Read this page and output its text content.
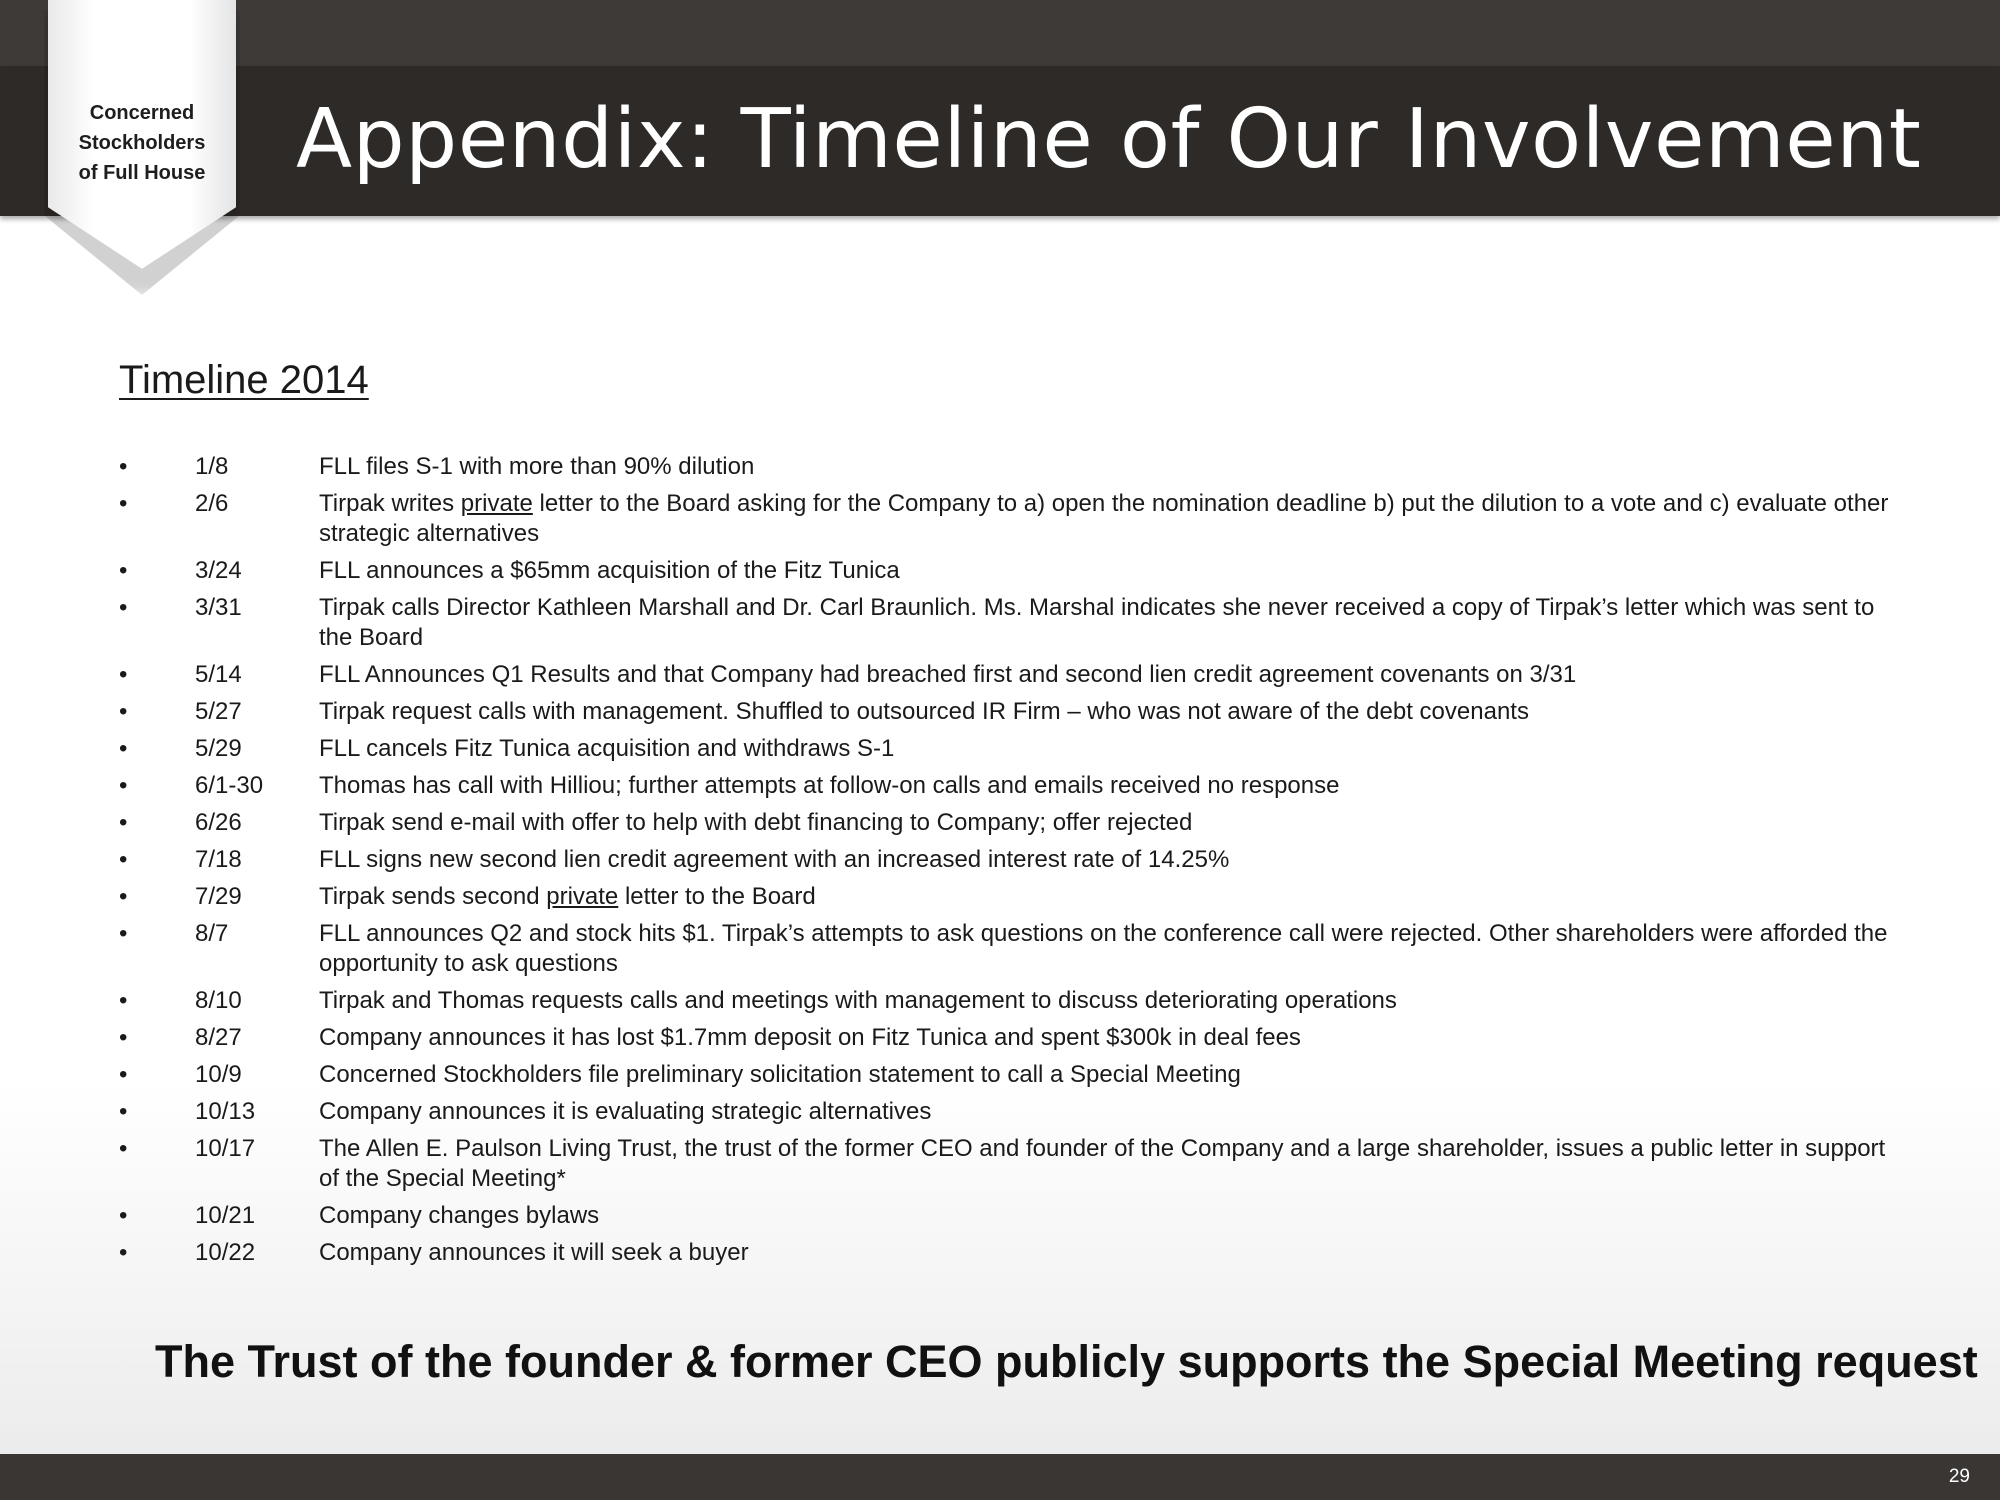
Concerned
Stockholders
of Full House	Appendix: Timeline of Our Involvement
Timeline 2014
•	1/8	FLL files S-1 with more than 90% dilution
•	2/6	Tirpak writes private letter to the Board asking for the Company to a) open the nomination deadline b) put the dilution to a vote and c) evaluate other strategic alternatives
•	3/24	FLL announces a $65mm acquisition of the Fitz Tunica
•	3/31	Tirpak calls Director Kathleen Marshall and Dr. Carl Braunlich. Ms. Marshal indicates she never received a copy of Tirpak’s letter which was sent to the Board
•	5/14	FLL Announces Q1 Results and that Company had breached first and second lien credit agreement covenants on 3/31
•	5/27	Tirpak request calls with management. Shuffled to outsourced IR Firm – who was not aware of the debt covenants
•	5/29	FLL cancels Fitz Tunica acquisition and withdraws S-1
•	6/1-30	Thomas has call with Hilliou; further attempts at follow-on calls and emails received no response
•	6/26	Tirpak send e-mail with offer to help with debt financing to Company; offer rejected
•	7/18	FLL signs new second lien credit agreement with an increased interest rate of 14.25%
•	7/29	Tirpak sends second private letter to the Board
•	8/7	FLL announces Q2 and stock hits $1. Tirpak’s attempts to ask questions on the conference call were rejected. Other shareholders were afforded the opportunity to ask questions
•	8/10	Tirpak and Thomas requests calls and meetings with management to discuss deteriorating operations
•	8/27	Company announces it has lost $1.7mm deposit on Fitz Tunica and spent $300k in deal fees
•	10/9	Concerned Stockholders file preliminary solicitation statement to call a Special Meeting
•	10/13	Company announces it is evaluating strategic alternatives
•	10/17	The Allen E. Paulson Living Trust, the trust of the former CEO and founder of the Company and a large shareholder, issues a public letter in support of the Special Meeting*
•	10/21	Company changes bylaws
•	10/22	Company announces it will seek a buyer
The Trust of the founder & former CEO publicly supports the Special Meeting request
29
